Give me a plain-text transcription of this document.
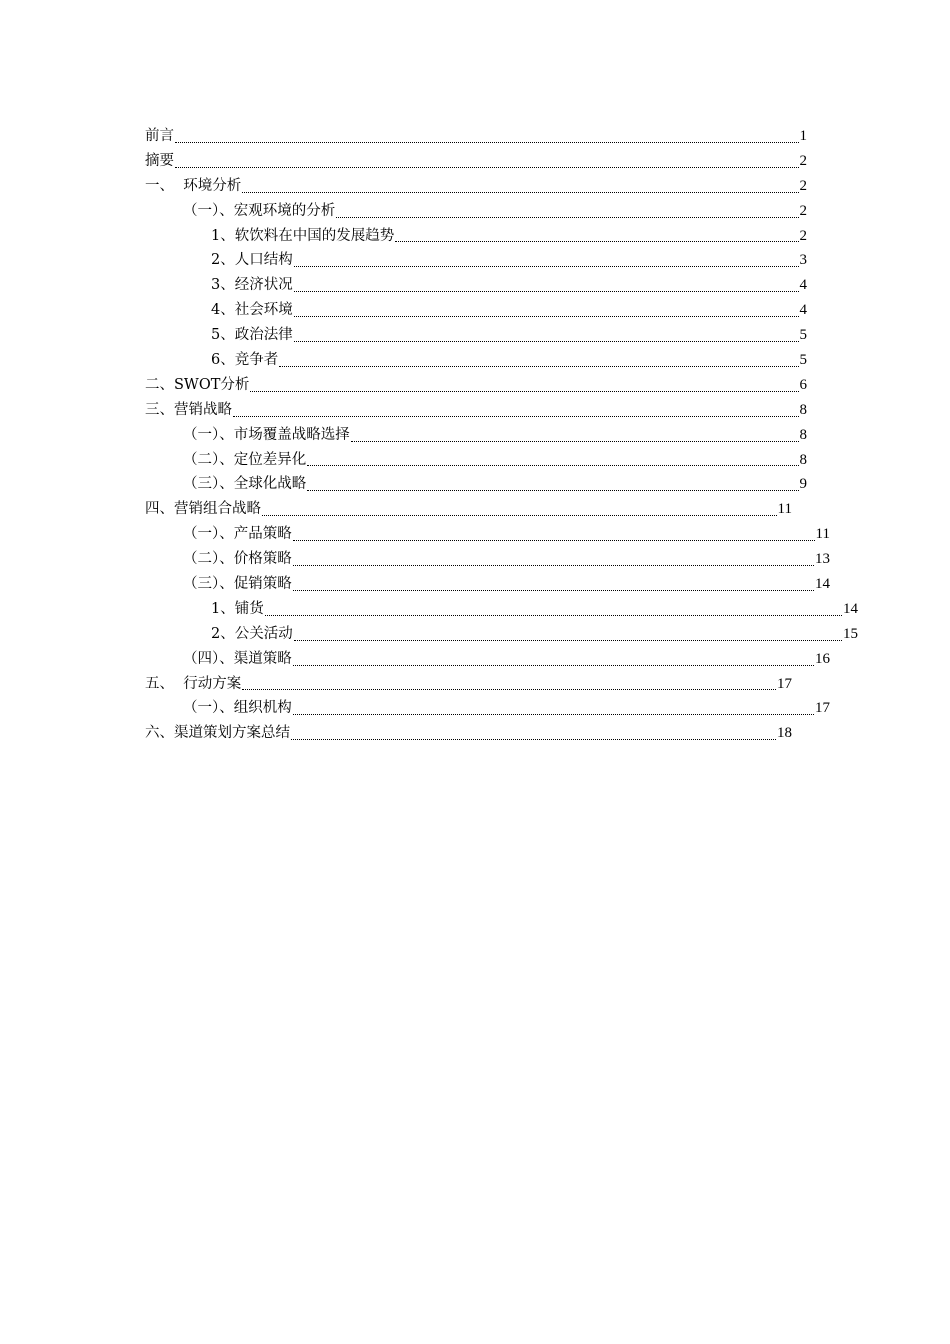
前言	1
摘要	2
一、  环境分析	2
（一）、宏观环境的分析	2
1、软饮料在中国的发展趋势	2
2、人口结构	3
3、经济状况	4
4、社会环境	4
5、政治法律	5
6、竞争者	5
二、SWOT分析	6
三、营销战略	8
（一）、市场覆盖战略选择	8
（二）、定位差异化	8
（三）、全球化战略	9
四、营销组合战略	11
（一）、产品策略	11
（二）、价格策略	13
（三）、促销策略	14
1、铺货	14
2、公关活动	15
（四）、渠道策略	16
五、  行动方案	17
（一）、组织机构	17
六、渠道策划方案总结	18
